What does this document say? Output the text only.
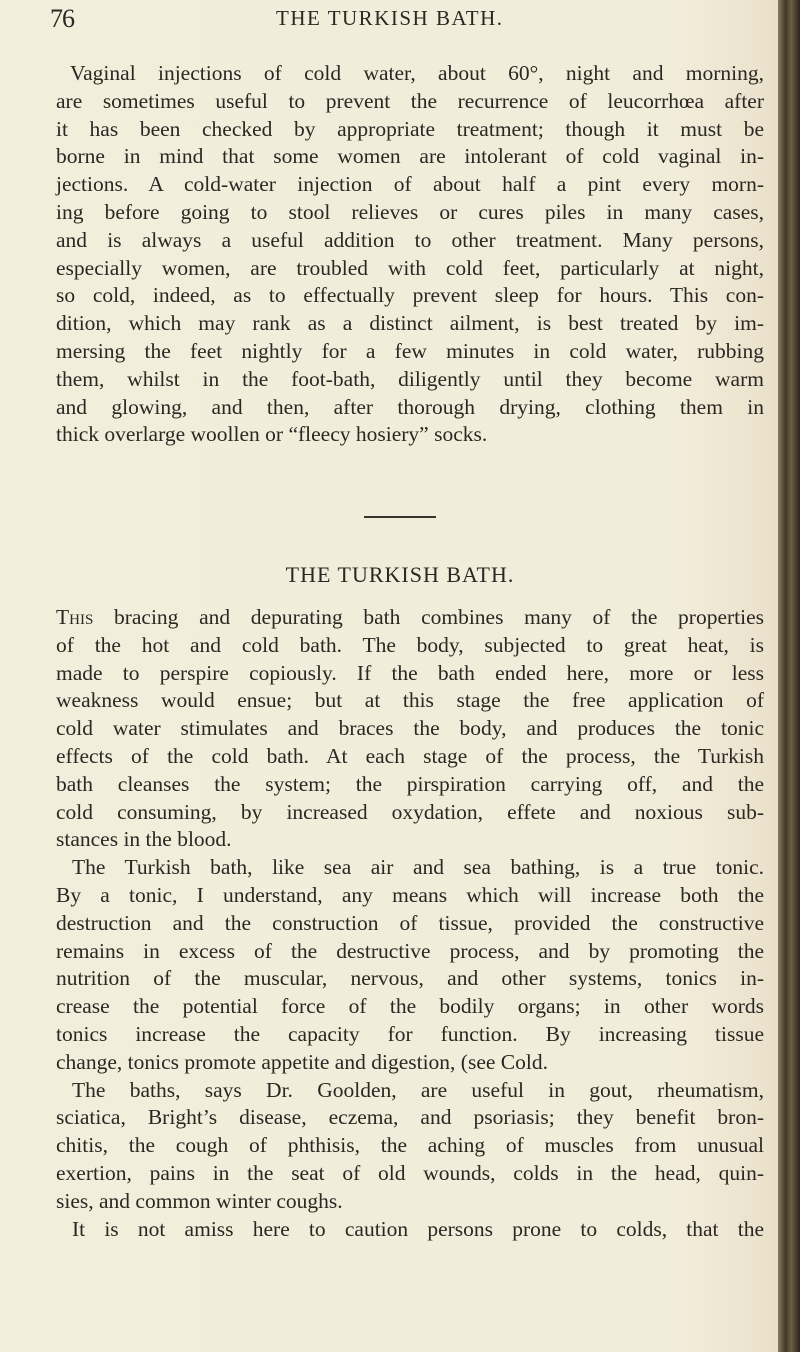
76	THE TURKISH BATH.
Vaginal injections of cold water, about 60°, night and morning,
are sometimes useful to prevent the recurrence of leucorrhœa after
it has been checked by appropriate treatment; though it must be
borne in mind that some women are intolerant of cold vaginal in-
jections. A cold-water injection of about half a pint every morn-
ing before going to stool relieves or cures piles in many cases,
and is always a useful addition to other treatment. Many persons,
especially women, are troubled with cold feet, particularly at night,
so cold, indeed, as to effectually prevent sleep for hours. This con-
dition, which may rank as a distinct ailment, is best treated by im-
mersing the feet nightly for a few minutes in cold water, rubbing
them, whilst in the foot-bath, diligently until they become warm
and glowing, and then, after thorough drying, clothing them in
thick overlarge woollen or “fleecy hosiery” socks.
THE TURKISH BATH.
This bracing and depurating bath combines many of the properties
of the hot and cold bath. The body, subjected to great heat, is
made to perspire copiously. If the bath ended here, more or less
weakness would ensue; but at this stage the free application of
cold water stimulates and braces the body, and produces the tonic
effects of the cold bath. At each stage of the process, the Turkish
bath cleanses the system; the pirspiration carrying off, and the
cold consuming, by increased oxydation, effete and noxious sub-
stances in the blood.
The Turkish bath, like sea air and sea bathing, is a true tonic.
By a tonic, I understand, any means which will increase both the
destruction and the construction of tissue, provided the constructive
remains in excess of the destructive process, and by promoting the
nutrition of the muscular, nervous, and other systems, tonics in-
crease the potential force of the bodily organs; in other words
tonics increase the capacity for function. By increasing tissue
change, tonics promote appetite and digestion, (see Cold.
The baths, says Dr. Goolden, are useful in gout, rheumatism,
sciatica, Bright’s disease, eczema, and psoriasis; they benefit bron-
chitis, the cough of phthisis, the aching of muscles from unusual
exertion, pains in the seat of old wounds, colds in the head, quin-
sies, and common winter coughs.
It is not amiss here to caution persons prone to colds, that the
